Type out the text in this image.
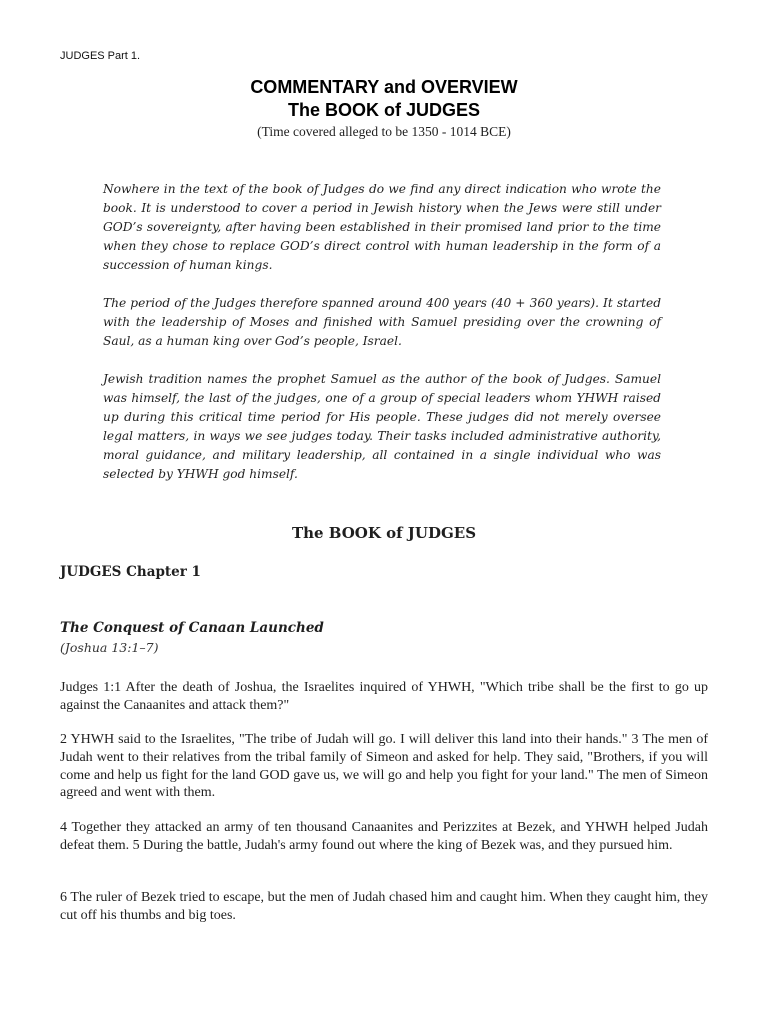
JUDGES Part 1.
COMMENTARY and OVERVIEW
The BOOK of JUDGES
(Time covered alleged to be 1350 - 1014 BCE)

Nowhere in the text of the book of Judges do we find any direct indication who wrote the book. It is understood to cover a period in Jewish history when the Jews were still under GOD’s sovereignty, after having been established in their promised land prior to the time when they chose to replace GOD’s direct control with human leadership in the form of a succession of human kings.

The period of the Judges therefore spanned around 400 years (40 + 360 years). It started with the leadership of Moses and finished with Samuel presiding over the crowning of Saul, as a human king over God’s people, Israel.

Jewish tradition names the prophet Samuel as the author of the book of Judges. Samuel was himself, the last of the judges, one of a group of special leaders whom YHWH raised up during this critical time period for His people. These judges did not merely oversee legal matters, in ways we see judges today. Their tasks included administrative authority, moral guidance, and military leadership, all contained in a single individual who was selected by YHWH god himself.

The BOOK of JUDGES
JUDGES Chapter 1
The Conquest of Canaan Launched
(Joshua 13:1–7)
Judges 1:1 After the death of Joshua, the Israelites inquired of YHWH, "Which tribe shall be the first to go up against the Canaanites and attack them?"
2 YHWH said to the Israelites, "The tribe of Judah will go. I will deliver this land into their hands." 3 The men of Judah went to their relatives from the tribal family of Simeon and asked for help. They said, "Brothers, if you will come and help us fight for the land GOD gave us, we will go and help you fight for your land." The men of Simeon agreed and went with them.
4 Together they attacked an army of ten thousand Canaanites and Perizzites at Bezek, and YHWH helped Judah defeat them. 5 During the battle, Judah's army found out where the king of Bezek was, and they pursued him.
6 The ruler of Bezek tried to escape, but the men of Judah chased him and caught him. When they caught him, they cut off his thumbs and big toes.
